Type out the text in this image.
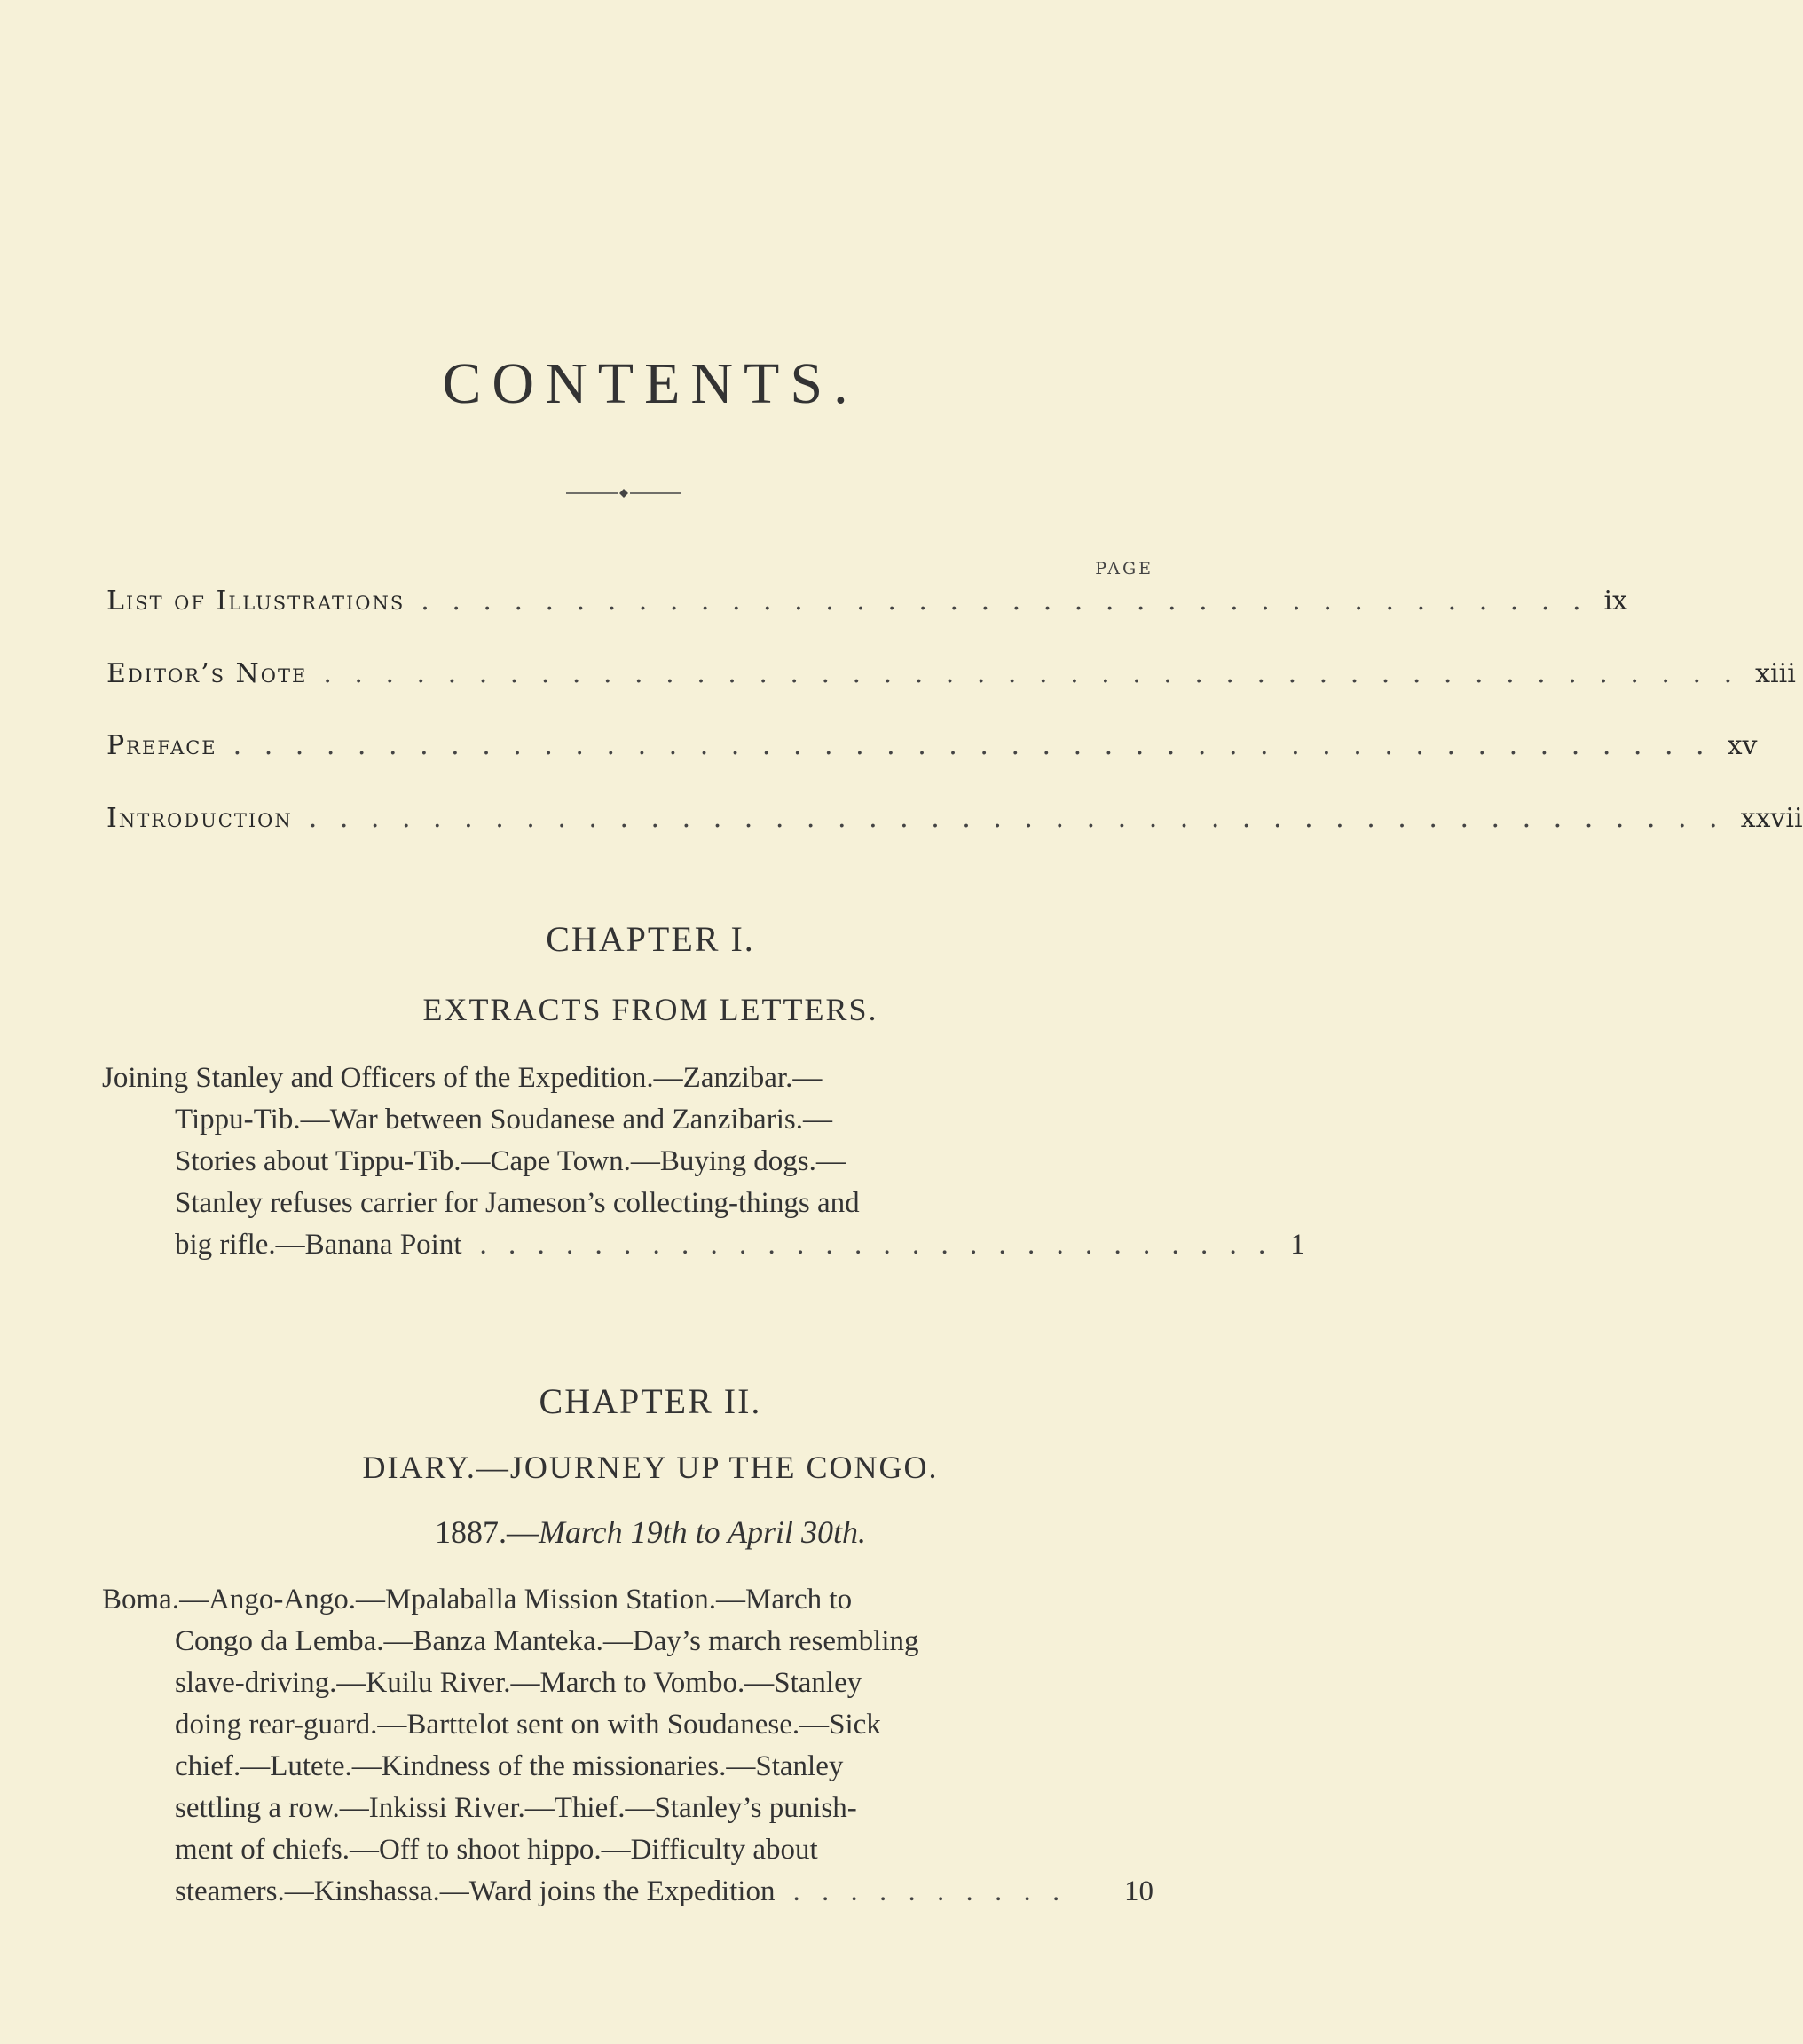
CONTENTS.
PAGE
List of Illustrations . . . . . . . . . . . . . . . . . . . . . . . . . . . . . . . . . . . . . . ix
Editor’s Note . . . . . . . . . . . . . . . . . . . . . . . . . . . . . . . . . . . . . . . . . . . . . . xiii
Preface . . . . . . . . . . . . . . . . . . . . . . . . . . . . . . . . . . . . . . . . . . . . . . . . xv
Introduction . . . . . . . . . . . . . . . . . . . . . . . . . . . . . . . . . . . . . . . . . . . . . . xxvii
CHAPTER I.
EXTRACTS FROM LETTERS.
Joining Stanley and Officers of the Expedition.—Zanzibar.—
Tippu-Tib.—War between Soudanese and Zanzibaris.—
Stories about Tippu-Tib.—Cape Town.—Buying dogs.—
Stanley refuses carrier for Jameson’s collecting-things and
big rifle.—Banana Point . . . . . . . . . . . . . . . . . . . . . . . . . . . . 1
CHAPTER II.
DIARY.—JOURNEY UP THE CONGO.
1887.—March 19th to April 30th.
Boma.—Ango-Ango.—Mpalaballa Mission Station.—March to
Congo da Lemba.—Banza Manteka.—Day’s march resembling
slave-driving.—Kuilu River.—March to Vombo.—Stanley
doing rear-guard.—Barttelot sent on with Soudanese.—Sick
chief.—Lutete.—Kindness of the missionaries.—Stanley
settling a row.—Inkissi River.—Thief.—Stanley’s punish-
ment of chiefs.—Off to shoot hippo.—Difficulty about
steamers.—Kinshassa.—Ward joins the Expedition . . . . . . . . . .	10
